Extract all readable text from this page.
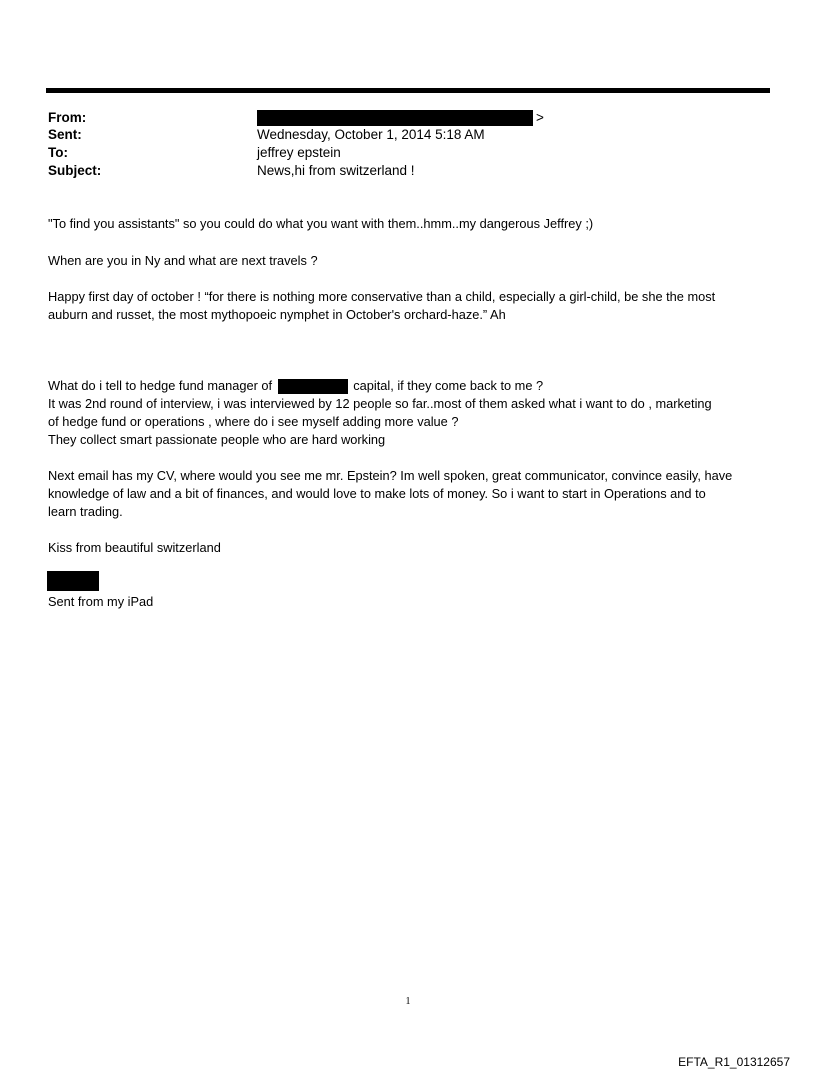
From:	>
Sent:	Wednesday, October 1, 2014 5:18 AM
To:	jeffrey epstein
Subject:	News,hi from switzerland !
"To find you assistants" so you could do what you want with them..hmm..my dangerous Jeffrey ;)
When are you in Ny and what are next travels ?
Happy first day of october ! “for there is nothing more conservative than a child, especially a girl-child, be she the most
auburn and russet, the most mythopoeic nymphet in October's orchard-haze.” Ah
What do i tell to hedge fund manager of	capital, if they come back to me ?
It was 2nd round of interview, i was interviewed by 12 people so far..most of them asked what i want to do , marketing
of hedge fund or operations , where do i see myself adding more value ?
They collect smart passionate people who are hard working
Next email has my CV, where would you see me mr. Epstein? Im well spoken, great communicator, convince easily, have
knowledge of law and a bit of finances, and would love to make lots of money. So i want to start in Operations and to
learn trading.
Kiss from beautiful switzerland
Sent from my iPad
1
EFTA_R1_01312657
